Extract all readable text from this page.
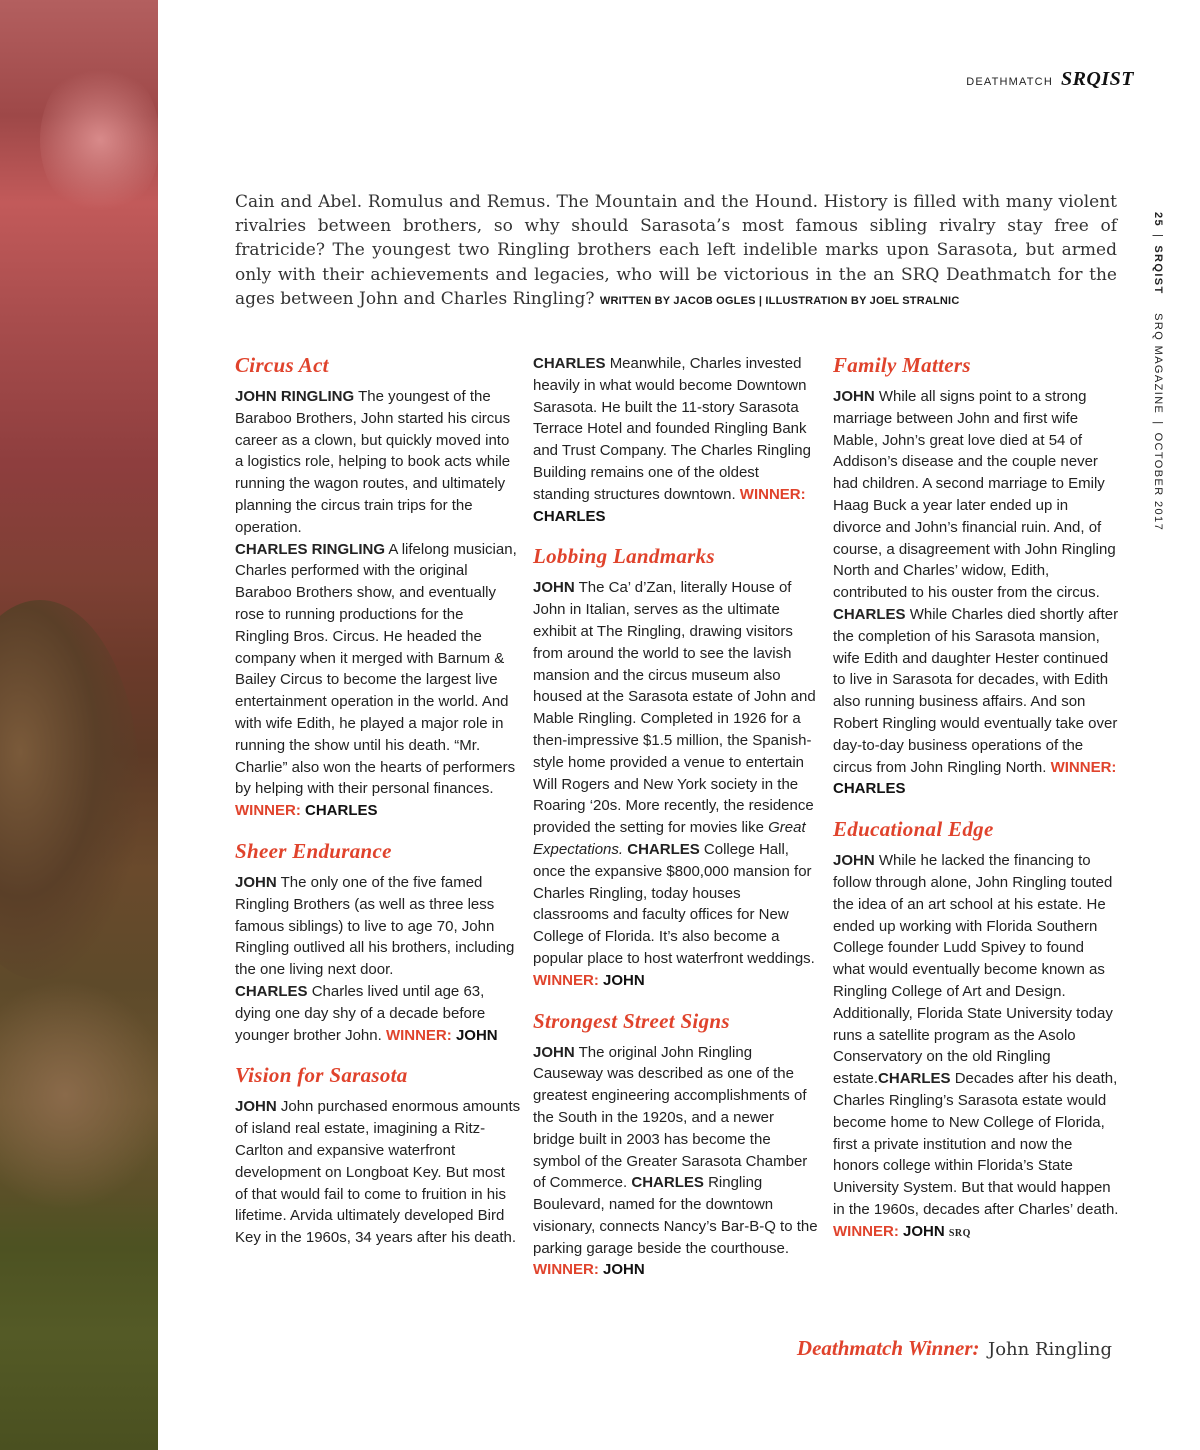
DEATHMATCH SRQIST
25|SRQIST SRQ MAGAZINE|OCTOBER 2017

Cain and Abel. Romulus and Remus. The Mountain and the Hound. History is filled with many violent rivalries between brothers, so why should Sarasota’s most famous sibling rivalry stay free of fratricide? The youngest two Ringling brothers each left indelible marks upon Sarasota, but armed only with their achievements and legacies, who will be victorious in the an SRQ Deathmatch for the ages between John and Charles Ringling? WRITTEN BY JACOB OGLES | ILLUSTRATION BY JOEL STRALNIC

Circus Act

JOHN RINGLING The youngest of the Baraboo Brothers, John started his circus career as a clown, but quickly moved into a logistics role, helping to book acts while running the wagon routes, and ultimately planning the circus train trips for the operation.
CHARLES RINGLING A lifelong musician, Charles performed with the original Baraboo Brothers show, and eventually rose to running productions for the Ringling Bros. Circus. He headed the company when it merged with Barnum & Bailey Circus to become the largest live entertainment operation in the world. And with wife Edith, he played a major role in running the show until his death. “Mr. Charlie” also won the hearts of performers by helping with their personal finances.
WINNER: CHARLES

Sheer Endurance

JOHN The only one of the five famed Ringling Brothers (as well as three less famous siblings) to live to age 70, John Ringling outlived all his brothers, including the one living next door.
CHARLES Charles lived until age 63, dying one day shy of a decade before younger brother John. WINNER: JOHN

Vision for Sarasota

JOHN John purchased enormous amounts of island real estate, imagining a Ritz-Carlton and expansive waterfront development on Longboat Key. But most of that would fail to come to fruition in his lifetime. Arvida ultimately developed Bird Key in the 1960s, 34 years after his death.

CHARLES Meanwhile, Charles invested heavily in what would become Downtown Sarasota. He built the 11-story Sarasota Terrace Hotel and founded Ringling Bank and Trust Company. The Charles Ringling Building remains one of the oldest standing structures downtown. WINNER: CHARLES

Lobbing Landmarks

JOHN The Ca’ d’Zan, literally House of John in Italian, serves as the ultimate exhibit at The Ringling, drawing visitors from around the world to see the lavish mansion and the circus museum also housed at the Sarasota estate of John and Mable Ringling. Completed in 1926 for a then-impressive $1.5 million, the Spanish-style home provided a venue to entertain Will Rogers and New York society in the Roaring ‘20s. More recently, the residence provided the setting for movies like Great Expectations. CHARLES College Hall, once the expansive $800,000 mansion for Charles Ringling, today houses classrooms and faculty offices for New College of Florida. It’s also become a popular place to host waterfront weddings. WINNER: JOHN

Strongest Street Signs

JOHN The original John Ringling Causeway was described as one of the greatest engineering accomplishments of the South in the 1920s, and a newer bridge built in 2003 has become the symbol of the Greater Sarasota Chamber of Commerce. CHARLES Ringling Boulevard, named for the downtown visionary, connects Nancy’s Bar-B-Q to the parking garage beside the courthouse. WINNER: JOHN

Family Matters

JOHN While all signs point to a strong marriage between John and first wife Mable, John’s great love died at 54 of Addison’s disease and the couple never had children. A second marriage to Emily Haag Buck a year later ended up in divorce and John’s financial ruin. And, of course, a disagreement with John Ringling North and Charles’ widow, Edith, contributed to his ouster from the circus. CHARLES While Charles died shortly after the completion of his Sarasota mansion, wife Edith and daughter Hester continued to live in Sarasota for decades, with Edith also running business affairs. And son Robert Ringling would eventually take over day-to-day business operations of the circus from John Ringling North. WINNER: CHARLES

Educational Edge

JOHN While he lacked the financing to follow through alone, John Ringling touted the idea of an art school at his estate. He ended up working with Florida Southern College founder Ludd Spivey to found what would eventually become known as Ringling College of Art and Design. Additionally, Florida State University today runs a satellite program as the Asolo Conservatory on the old Ringling estate.CHARLES Decades after his death, Charles Ringling’s Sarasota estate would become home to New College of Florida, first a private institution and now the honors college within Florida’s State University System. But that would happen in the 1960s, decades after Charles’ death. WINNER: JOHN SRQ

Deathmatch Winner: John Ringling
